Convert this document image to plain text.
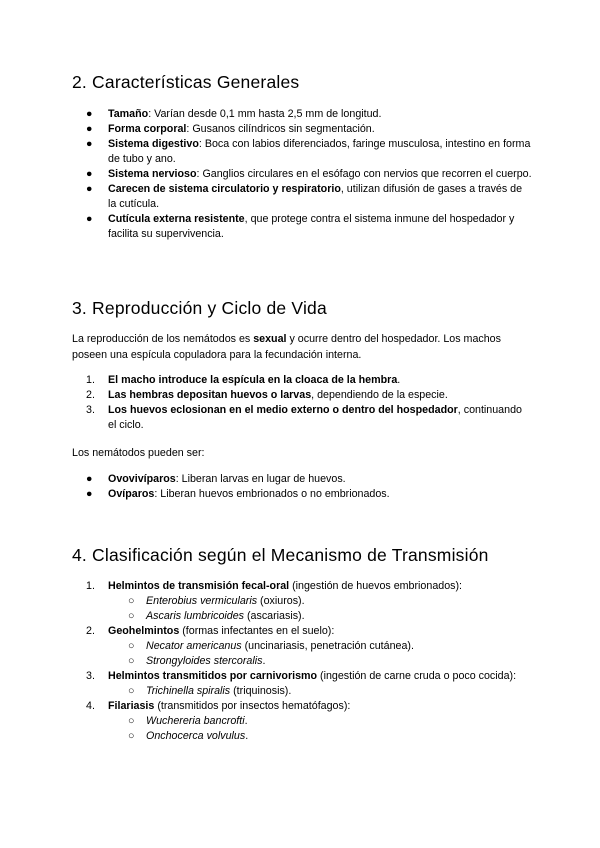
2. Características Generales
●	Tamaño: Varían desde 0,1 mm hasta 2,5 mm de longitud.
●	Forma corporal: Gusanos cilíndricos sin segmentación.
●	Sistema digestivo: Boca con labios diferenciados, faringe musculosa, intestino en forma de tubo y ano.
●	Sistema nervioso: Ganglios circulares en el esófago con nervios que recorren el cuerpo.
●	Carecen de sistema circulatorio y respiratorio, utilizan difusión de gases a través de la cutícula.
●	Cutícula externa resistente, que protege contra el sistema inmune del hospedador y facilita su supervivencia.
3. Reproducción y Ciclo de Vida

La reproducción de los nemátodos es sexual y ocurre dentro del hospedador. Los machos poseen una espícula copuladora para la fecundación interna.

1.	El macho introduce la espícula en la cloaca de la hembra.
2.	Las hembras depositan huevos o larvas, dependiendo de la especie.
3.	Los huevos eclosionan en el medio externo o dentro del hospedador, continuando el ciclo.

Los nemátodos pueden ser:

●	Ovovivíparos: Liberan larvas en lugar de huevos.
●	Ovíparos: Liberan huevos embrionados o no embrionados.
4. Clasificación según el Mecanismo de Transmisión
1.	Helmintos de transmisión fecal-oral (ingestión de huevos embrionados):
○	Enterobius vermicularis (oxiuros).
○	Ascaris lumbricoides (ascariasis).
2.	Geohelmintos (formas infectantes en el suelo):
○	Necator americanus (uncinariasis, penetración cutánea).
○	Strongyloides stercoralis.
3.	Helmintos transmitidos por carnivorismo (ingestión de carne cruda o poco cocida):
○	Trichinella spiralis (triquinosis).
4.	Filariasis (transmitidos por insectos hematófagos):
○	Wuchereria bancrofti.
○	Onchocerca volvulus.
